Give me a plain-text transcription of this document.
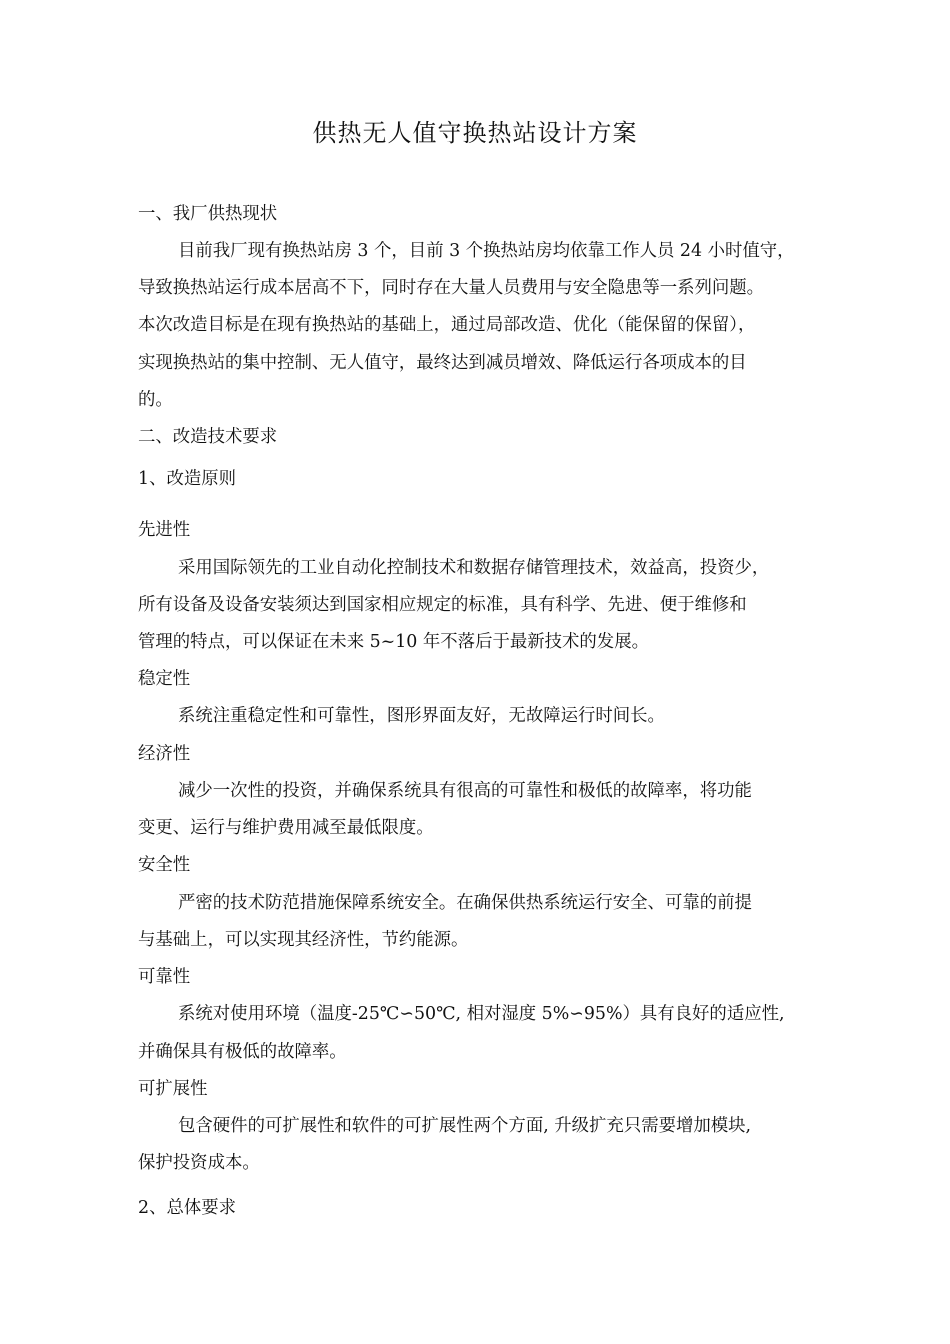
供热无人值守换热站设计方案

一、我厂供热现状

目前我厂现有换热站房 3 个，目前 3 个换热站房均依靠工作人员 24 小时值守，

导致换热站运行成本居高不下，同时存在大量人员费用与安全隐患等一系列问题。

本次改造目标是在现有换热站的基础上，通过局部改造、优化（能保留的保留），

实现换热站的集中控制、无人值守，最终达到减员增效、降低运行各项成本的目

的。

二、改造技术要求

1、改造原则

先进性

采用国际领先的工业自动化控制技术和数据存储管理技术，效益高，投资少，

所有设备及设备安装须达到国家相应规定的标准，具有科学、先进、便于维修和

管理的特点，可以保证在未来 5~10 年不落后于最新技术的发展。

稳定性

系统注重稳定性和可靠性，图形界面友好，无故障运行时间长。

经济性

减少一次性的投资，并确保系统具有很高的可靠性和极低的故障率，将功能

变更、运行与维护费用减至最低限度。

安全性

严密的技术防范措施保障系统安全。在确保供热系统运行安全、可靠的前提

与基础上，可以实现其经济性，节约能源。

可靠性

系统对使用环境（温度-25℃∽50℃, 相对湿度 5%∽95%）具有良好的适应性,

并确保具有极低的故障率。

可扩展性

包含硬件的可扩展性和软件的可扩展性两个方面, 升级扩充只需要增加模块,

保护投资成本。

2、总体要求
